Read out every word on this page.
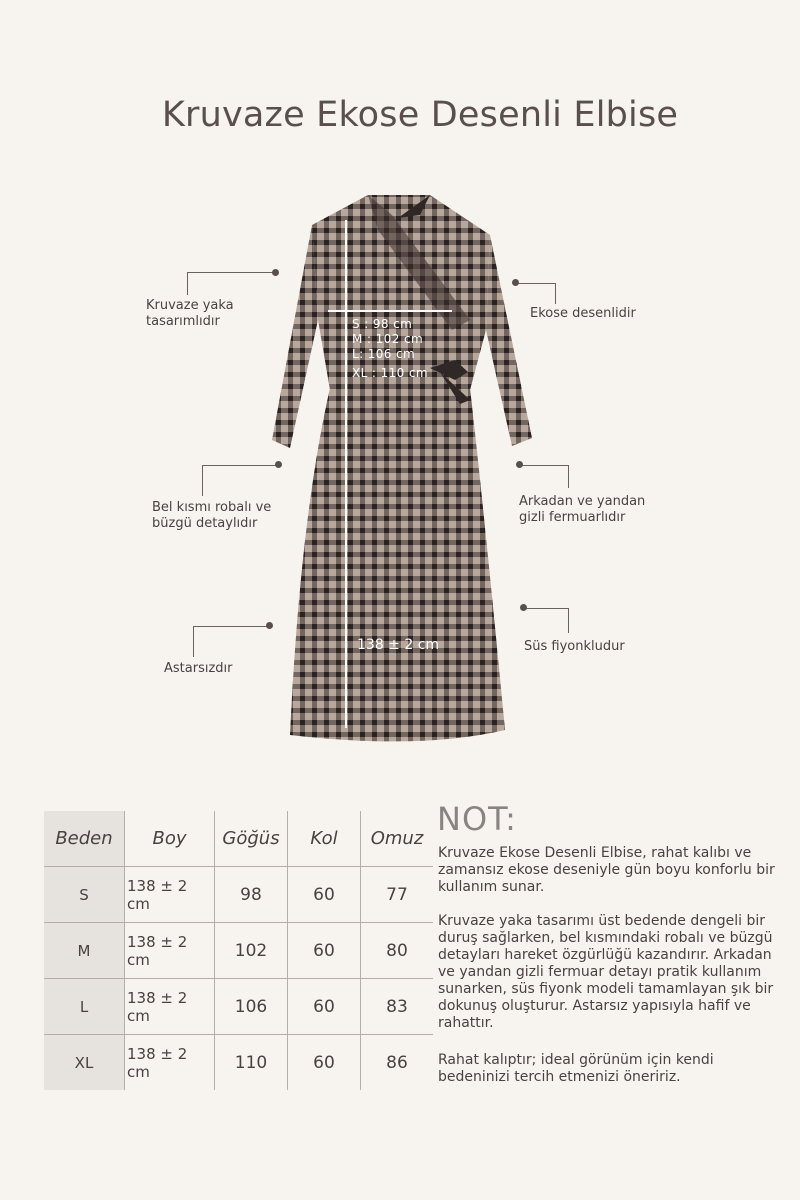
Kruvaze Ekose Desenli Elbise
S : 98 cm
M : 102 cm
L: 106 cm
XL : 110 cm
138 ± 2 cm
Kruvaze yaka
tasarımlıdır
Bel kısmı robalı ve
büzgü detaylıdır
Astarsızdır
Ekose desenlidir
Arkadan ve yandan
gizli fermuarlıdır
Süs fiyonkludur
Beden	Boy	Göğüs	Kol	Omuz
S	138 ± 2 cm	98	60	77
M	138 ± 2 cm	102	60	80
L	138 ± 2 cm	106	60	83
XL	138 ± 2 cm	110	60	86
NOT:

Kruvaze Ekose Desenli Elbise, rahat kalıbı ve zamansız ekose deseniyle gün boyu konforlu bir kullanım sunar.

Kruvaze yaka tasarımı üst bedende dengeli bir duruş sağlarken, bel kısmındaki robalı ve büzgü detayları hareket özgürlüğü kazandırır. Arkadan ve yandan gizli fermuar detayı pratik kullanım sunarken, süs fiyonk modeli tamamlayan şık bir dokunuş oluşturur. Astarsız yapısıyla hafif ve rahattır.

Rahat kalıptır; ideal görünüm için kendi bedeninizi tercih etmenizi öneririz.
